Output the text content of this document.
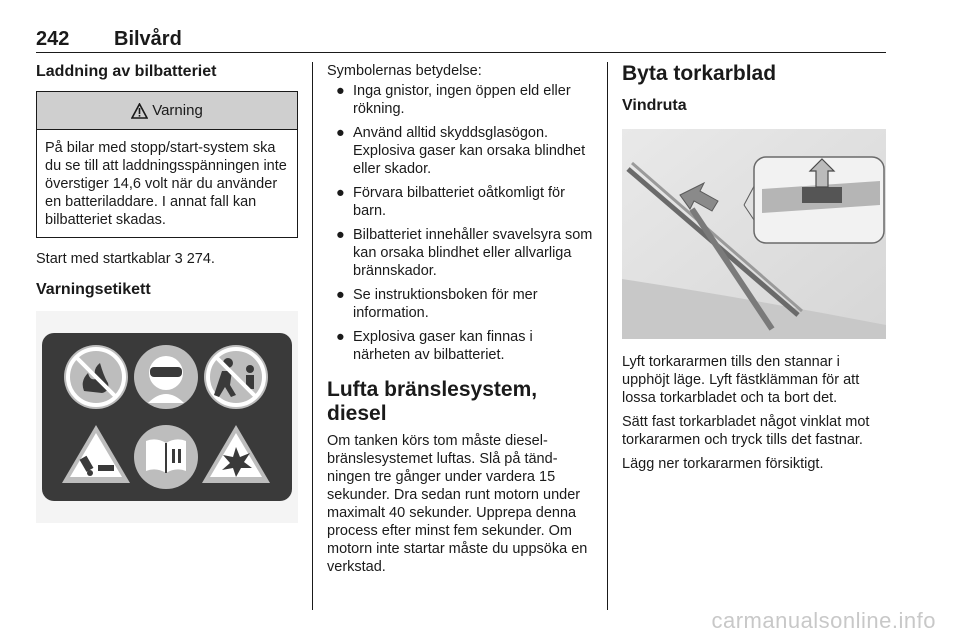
242 Bilvård
Laddning av bilbatteriet
Varning
På bilar med stopp/start-system ska du se till att laddningsspänningen inte överstiger 14,6 volt när du använder en batteriladdare. I annat fall kan bilbatteriet skadas.

Start med startkablar 3 274.

Varningsetikett

Symbolernas betydelse:

● Inga gnistor, ingen öppen eld eller rökning.
● Använd alltid skyddsglasögon. Explosiva gaser kan orsaka blindhet eller skador.
● Förvara bilbatteriet oåtkomligt för barn.
● Bilbatteriet innehåller svavelsyra som kan orsaka blindhet eller allvarliga brännskador.
● Se instruktionsboken för mer information.
● Explosiva gaser kan finnas i närheten av bilbatteriet.
Lufta bränslesystem, diesel

Om tanken körs tom måste dieselbränslesystemet luftas. Slå på tändningen tre gånger under vardera 15 sekunder. Dra sedan runt motorn under maximalt 40 sekunder. Upprepa denna process efter minst fem sekunder. Om motorn inte startar måste du uppsöka en verkstad.

Byta torkarblad
Vindruta

Lyft torkararmen tills den stannar i upphöjt läge. Lyft fästklämman för att lossa torkarbladet och ta bort det.

Sätt fast torkarbladet något vinklat mot torkararmen och tryck tills det fastnar.

Lägg ner torkararmen försiktigt.

carmanualsonline.info
